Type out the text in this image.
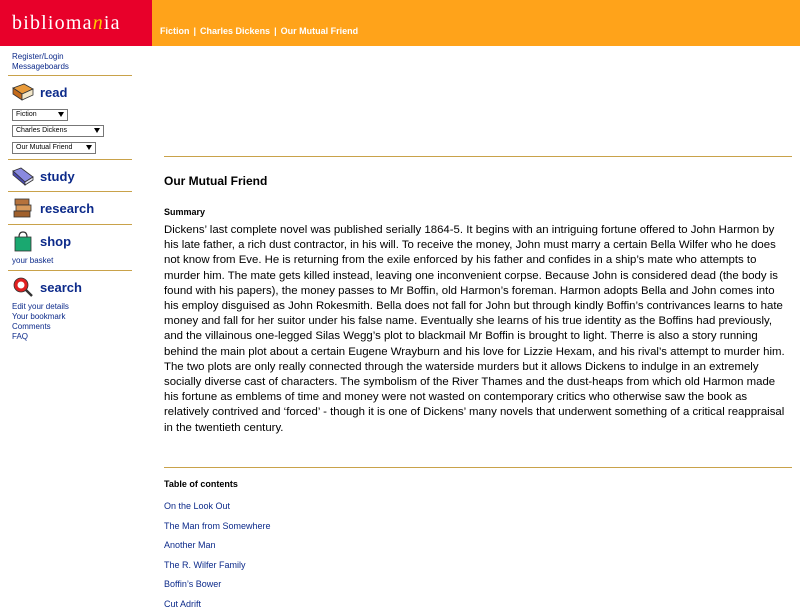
bibliomania	Fiction | Charles Dickens | Our Mutual Friend
Register/Login
Messageboards
read
Fiction
Charles Dickens
Our Mutual Friend
study
research
shop
your basket
search
Edit your details
Your bookmark
Comments
FAQ
Our Mutual Friend
Summary

Dickens’ last complete novel was published serially 1864-5. It begins with an intriguing fortune offered to John Harmon by his late father, a rich dust contractor, in his will. To receive the money, John must marry a certain Bella Wilfer who he does not know from Eve. He is returning from the exile enforced by his father and confides in a ship’s mate who attempts to murder him. The mate gets killed instead, leaving one inconvenient corpse. Because John is considered dead (the body is found with his papers), the money passes to Mr Boffin, old Harmon’s foreman. Harmon adopts Bella and John comes into his employ disguised as John Rokesmith. Bella does not fall for John but through kindly Boffin’s contrivances learns to hate money and fall for her suitor under his false name. Eventually she learns of his true identity as the Boffins had previously, and the villainous one-legged Silas Wegg’s plot to blackmail Mr Boffin is brought to light. Therre is also a story running behind the main plot about a certain Eugene Wrayburn and his love for Lizzie Hexam, and his rival’s attempt to murder him. The two plots are only really connected through the waterside murders but it allows Dickens to indulge in an extremely socially diverse cast of characters. The symbolism of the River Thames and the dust-heaps from which old Harmon made his fortune as emblems of time and money were not wasted on contemporary critics who otherwise saw the book as relatively contrived and ‘forced’ - though it is one of Dickens’ many novels that underwent something of a critical reappraisal in the twentieth century.

Table of contents
On the Look Out
The Man from Somewhere
Another Man
The R. Wilfer Family
Boffin’s Bower
Cut Adrift
